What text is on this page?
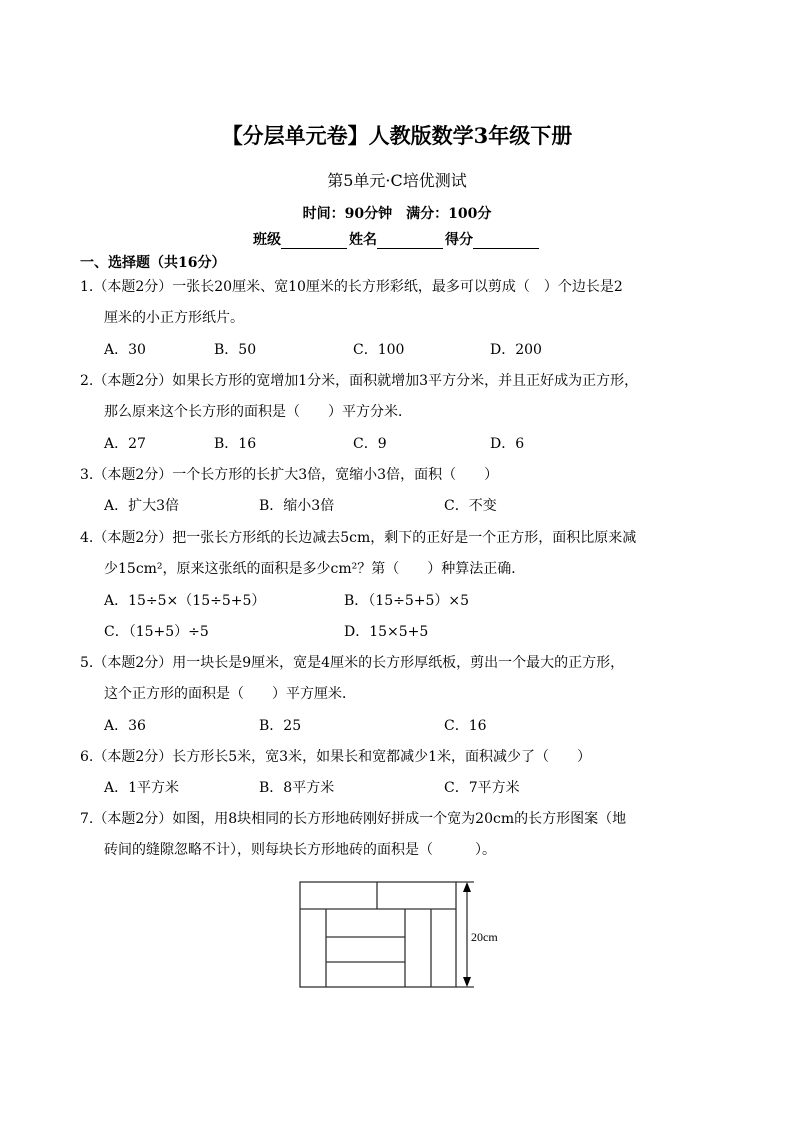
【分层单元卷】人教版数学3年级下册
第5单元·C培优测试
时间：90分钟　满分：100分
班级	姓名	得分
一、选择题（共16分）
1.（本题2分）一张长20厘米、宽10厘米的长方形彩纸，最多可以剪成（　）个边长是2
厘米的小正方形纸片。
A．30	B．50	C．100	D．200
2.（本题2分）如果长方形的宽增加1分米，面积就增加3平方分米，并且正好成为正方形，
那么原来这个长方形的面积是（　　）平方分米．
A．27	B．16	C．9	D．6
3.（本题2分）一个长方形的长扩大3倍，宽缩小3倍，面积（　　）
A．扩大3倍	B．缩小3倍	C．不变
4.（本题2分）把一张长方形纸的长边减去5cm，剩下的正好是一个正方形，面积比原来减
少15cm²，原来这张纸的面积是多少cm²？第（　　）种算法正确．
A．15÷5×（15÷5+5）	B．（15÷5+5）×5
C．（15+5）÷5	D．15×5+5
5.（本题2分）用一块长是9厘米，宽是4厘米的长方形厚纸板，剪出一个最大的正方形，
这个正方形的面积是（　　）平方厘米．
A．36	B．25	C．16
6.（本题2分）长方形长5米，宽3米，如果长和宽都减少1米，面积减少了（　　）
A．1平方米	B．8平方米	C．7平方米
7.（本题2分）如图，用8块相同的长方形地砖刚好拼成一个宽为20cm的长方形图案（地
砖间的缝隙忽略不计），则每块长方形地砖的面积是（　　　）。
20cm
